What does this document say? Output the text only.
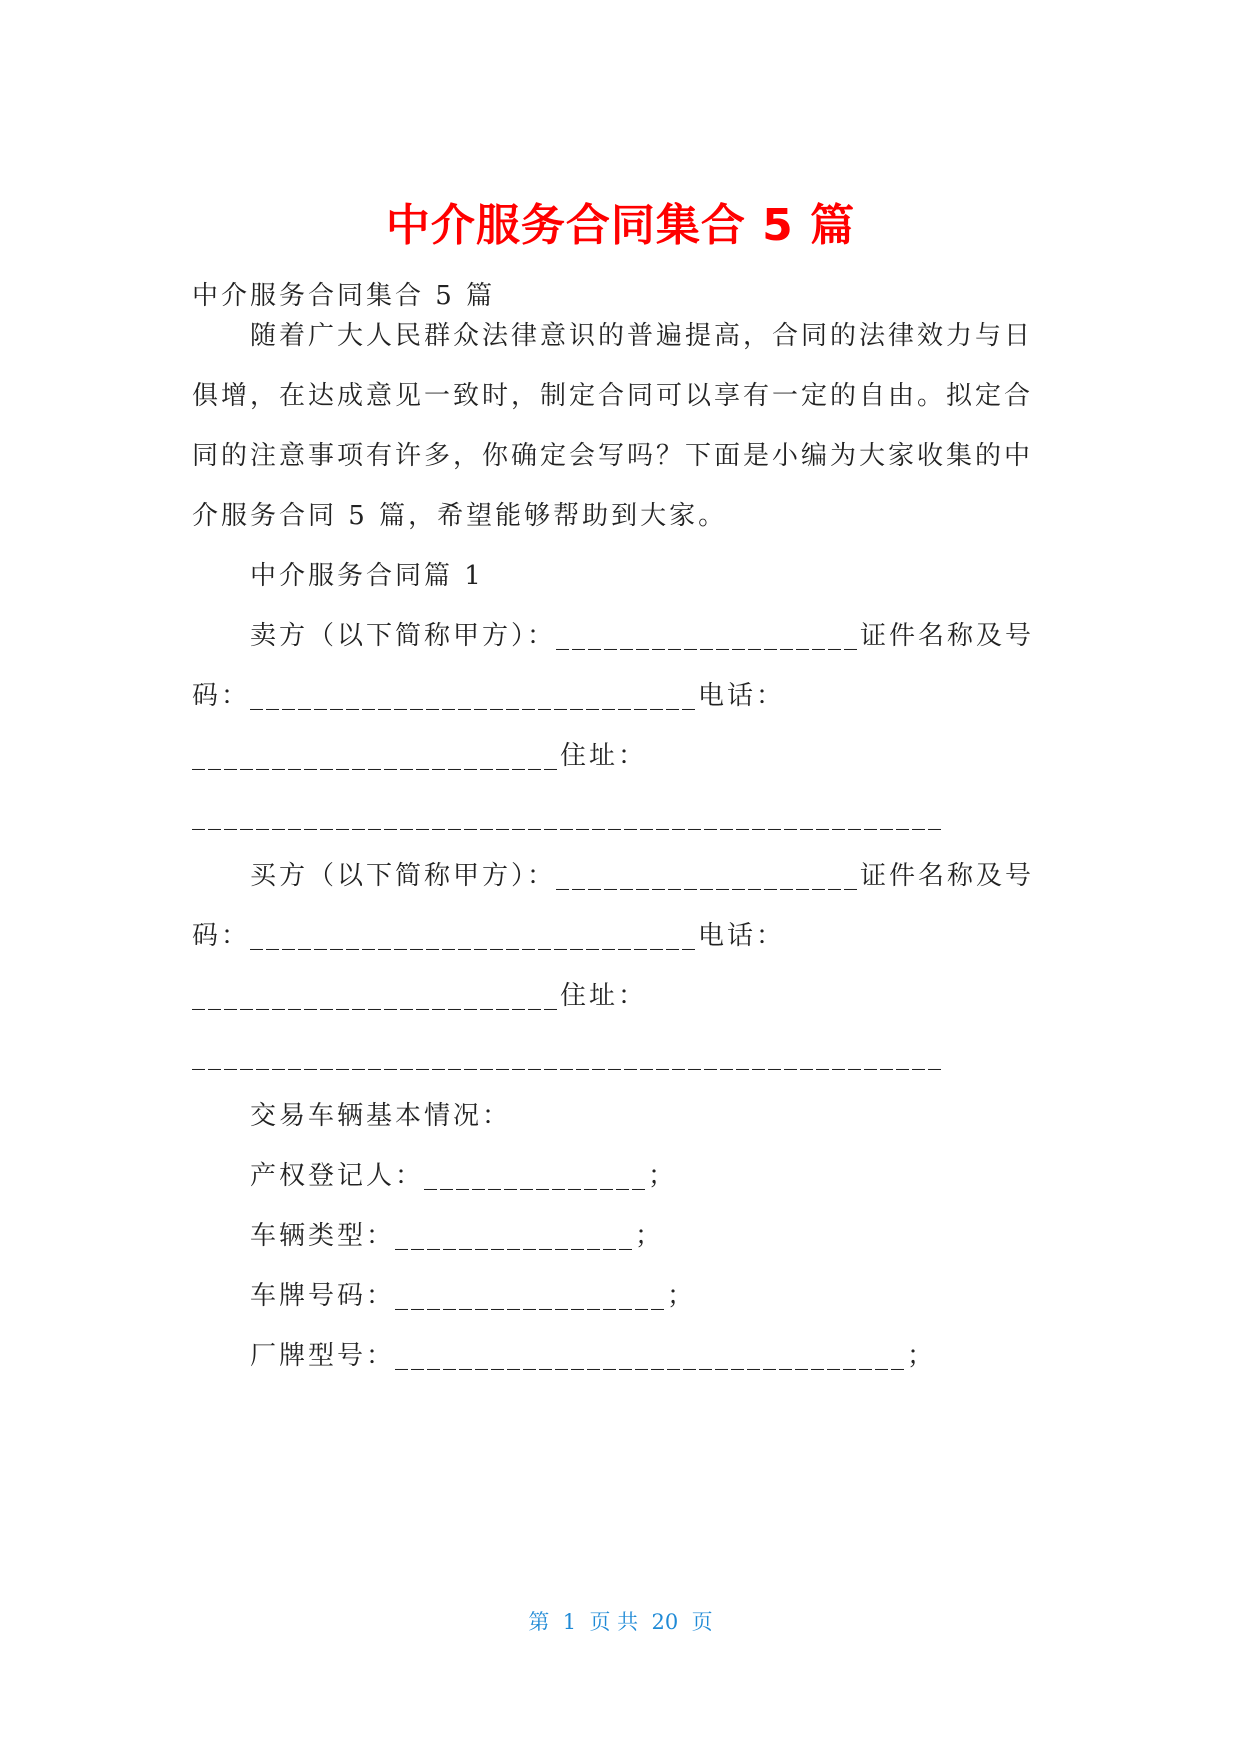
中介服务合同集合 5 篇
中介服务合同集合 5 篇
随着广大人民群众法律意识的普遍提高，合同的法律效力与日
俱增，在达成意见一致时，制定合同可以享有一定的自由。拟定合
同的注意事项有许多，你确定会写吗？下面是小编为大家收集的中
介服务合同 5 篇，希望能够帮助到大家。
中介服务合同篇 1
卖方（以下简称甲方）：___________________证件名称及号
码：____________________________电话：
_______________________住址：
_______________________________________________
买方（以下简称甲方）：___________________证件名称及号
码：____________________________电话：
_______________________住址：
_______________________________________________
交易车辆基本情况：
产权登记人：______________；
车辆类型：_______________；
车牌号码：_________________；
厂牌型号：________________________________；
第  1  页 共  20  页
